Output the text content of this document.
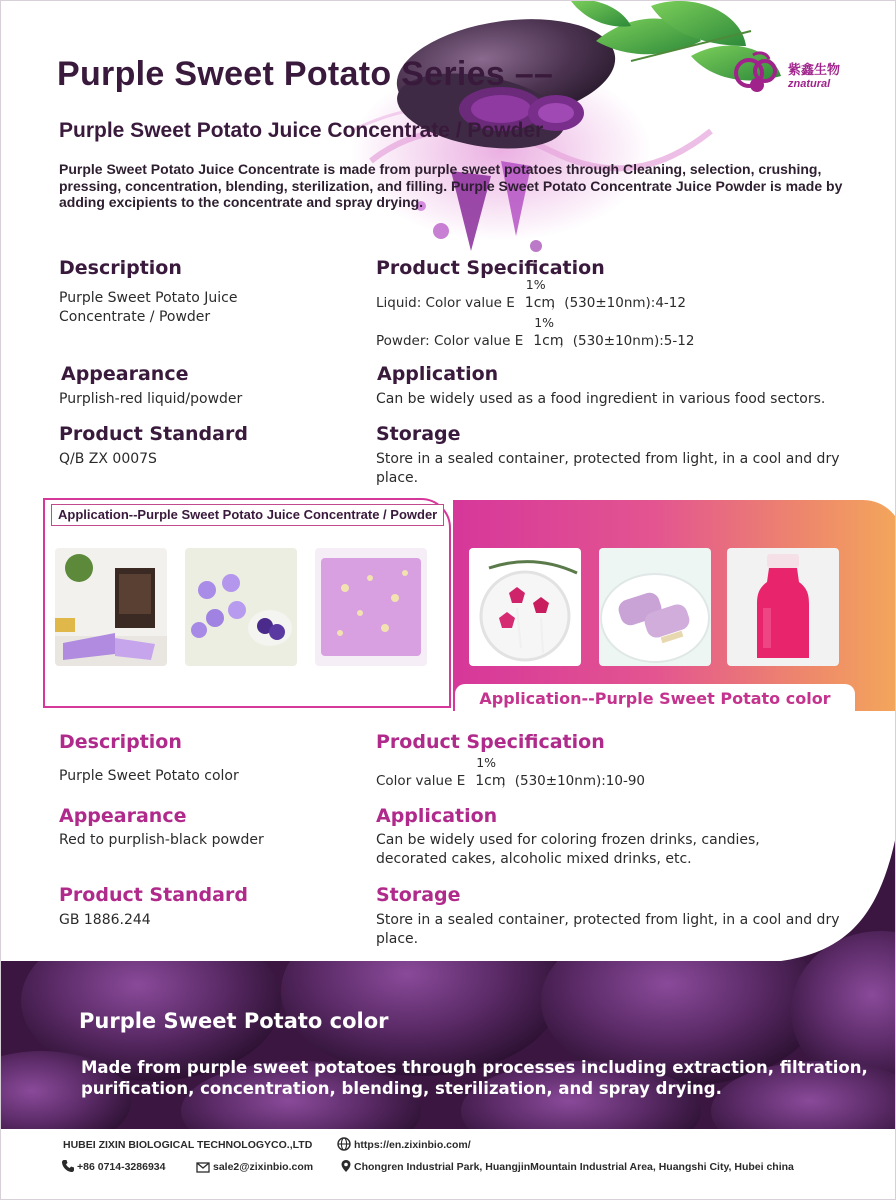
Purple Sweet Potato Series ––	紫鑫生物
znatural
Purple Sweet Potato Juice Concentrate / Powder
Purple Sweet Potato Juice Concentrate is made from purple sweet potatoes through Cleaning, selection, crushing, pressing, concentration, blending, sterilization, and filling. Purple Sweet Potato Concentrate Juice Powder is made by adding excipients to the concentrate and spray drying.
Description
Purple Sweet Potato Juice Concentrate / Powder
Product Specification
Liquid: Color value E
1%
1cm
，(530±10nm):4-12
Powder: Color value E
1%
1cm
，(530±10nm):5-12
Appearance
Purplish-red liquid/powder
Application
Can be widely used as a food ingredient in various food sectors.
Product Standard
Q/B ZX 0007S
Storage
Store in a sealed container, protected from light, in a cool and dry place.
Application--Purple Sweet Potato Juice Concentrate / Powder
Application--Purple Sweet Potato color
Description
Purple Sweet Potato color
Product Specification
Color value E
1%
1cm
，(530±10nm):10-90
Appearance
Red to purplish-black powder
Application
Can be widely used for coloring frozen drinks, candies, decorated cakes, alcoholic mixed drinks, etc.
Product Standard
GB 1886.244
Storage
Store in a sealed container, protected from light, in a cool and dry place.
Purple Sweet Potato color
Made from purple sweet potatoes through processes including extraction, filtration, purification, concentration, blending, sterilization, and spray drying.
HUBEI ZIXIN BIOLOGICAL TECHNOLOGYCO.,LTD	https://en.zixinbio.com/
+86 0714-3286934	sale2@zixinbio.com	Chongren Industrial Park, HuangjinMountain Industrial Area, Huangshi City, Hubei china
